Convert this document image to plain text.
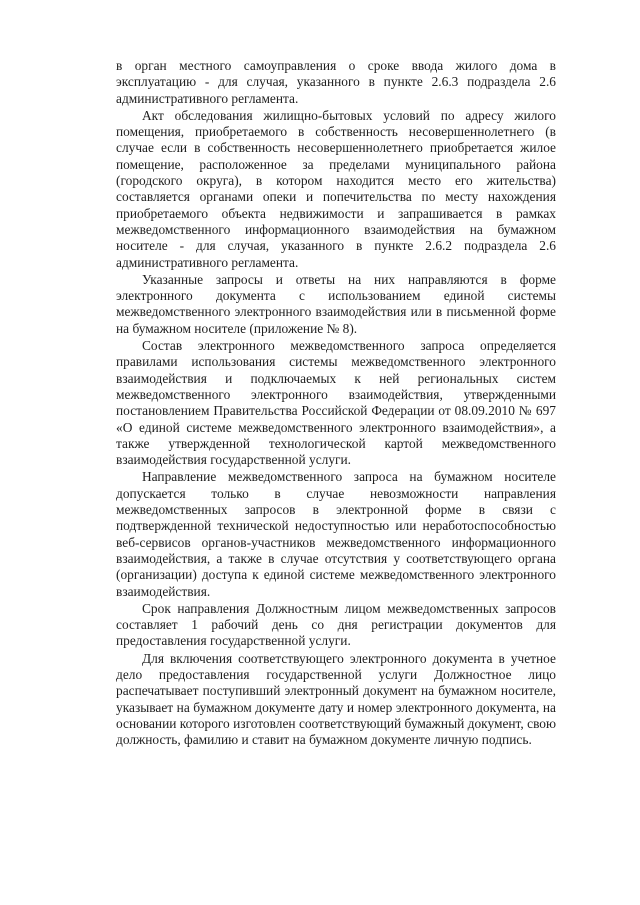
в орган местного самоуправления о сроке ввода жилого дома в эксплуатацию - для случая, указанного в пункте 2.6.3 подраздела 2.6 административного регламента.

Акт обследования жилищно-бытовых условий по адресу жилого помещения, приобретаемого в собственность несовершеннолетнего (в случае если в собственность несовершеннолетнего приобретается жилое помещение, расположенное за пределами муниципального района (городского округа), в котором находится место его жительства) составляется органами опеки и попечительства по месту нахождения приобретаемого объекта недвижимости и запрашивается в рамках межведомственного информационного взаимодействия на бумажном носителе - для случая, указанного в пункте 2.6.2 подраздела 2.6 административного регламента.

Указанные запросы и ответы на них направляются в форме электронного документа с использованием единой системы межведомственного электронного взаимодействия или в письменной форме на бумажном носителе (приложение № 8).

Состав электронного межведомственного запроса определяется правилами использования системы межведомственного электронного взаимодействия и подключаемых к ней региональных систем межведомственного электронного взаимодействия, утвержденными постановлением Правительства Российской Федерации от 08.09.2010 № 697 «О единой системе межведомственного электронного взаимодействия», а также утвержденной технологической картой межведомственного взаимодействия государственной услуги.

Направление межведомственного запроса на бумажном носителе допускается только в случае невозможности направления межведомственных запросов в электронной форме в связи с подтвержденной технической недоступностью или неработоспособностью веб-сервисов органов-участников межведомственного информационного взаимодействия, а также в случае отсутствия у соответствующего органа (организации) доступа к единой системе межведомственного электронного взаимодействия.

Срок направления Должностным лицом межведомственных запросов составляет 1 рабочий день со дня регистрации документов для предоставления государственной услуги.

Для включения соответствующего электронного документа в учетное дело предоставления государственной услуги Должностное лицо распечатывает поступивший электронный документ на бумажном носителе, указывает на бумажном документе дату и номер электронного документа, на основании которого изготовлен соответствующий бумажный документ, свою должность, фамилию и ставит на бумажном документе личную подпись.
